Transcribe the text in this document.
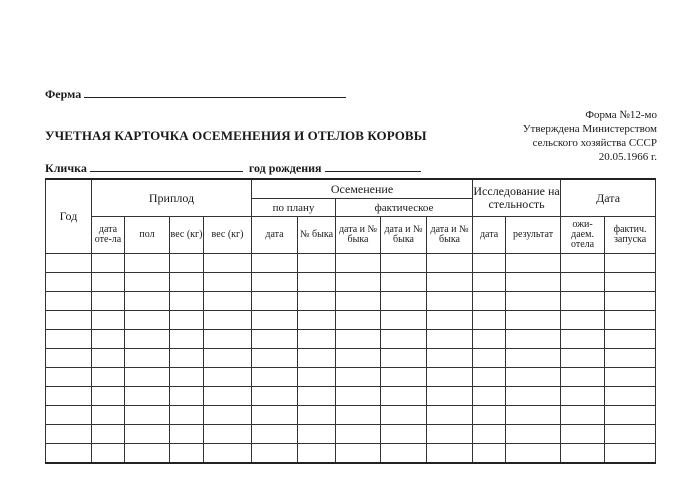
Ферма
Форма №12-мо
Утверждена Министерством
сельского хозяйства СССР
20.05.1966 г.
УЧЕТНАЯ КАРТОЧКА ОСЕМЕНЕНИЯ И ОТЕЛОВ КОРОВЫ
Кличка	год рождения
Год	Приплод				Осеменение					Исследование на стельность		Дата	
					по плану		фактическое						
	дата оте-ла	пол	вес (кг)	вес (кг)	дата	№ быка	дата и № быка	дата и № быка	дата и № быка	дата	результат	ожи-даем. отела	фактич. запуска
